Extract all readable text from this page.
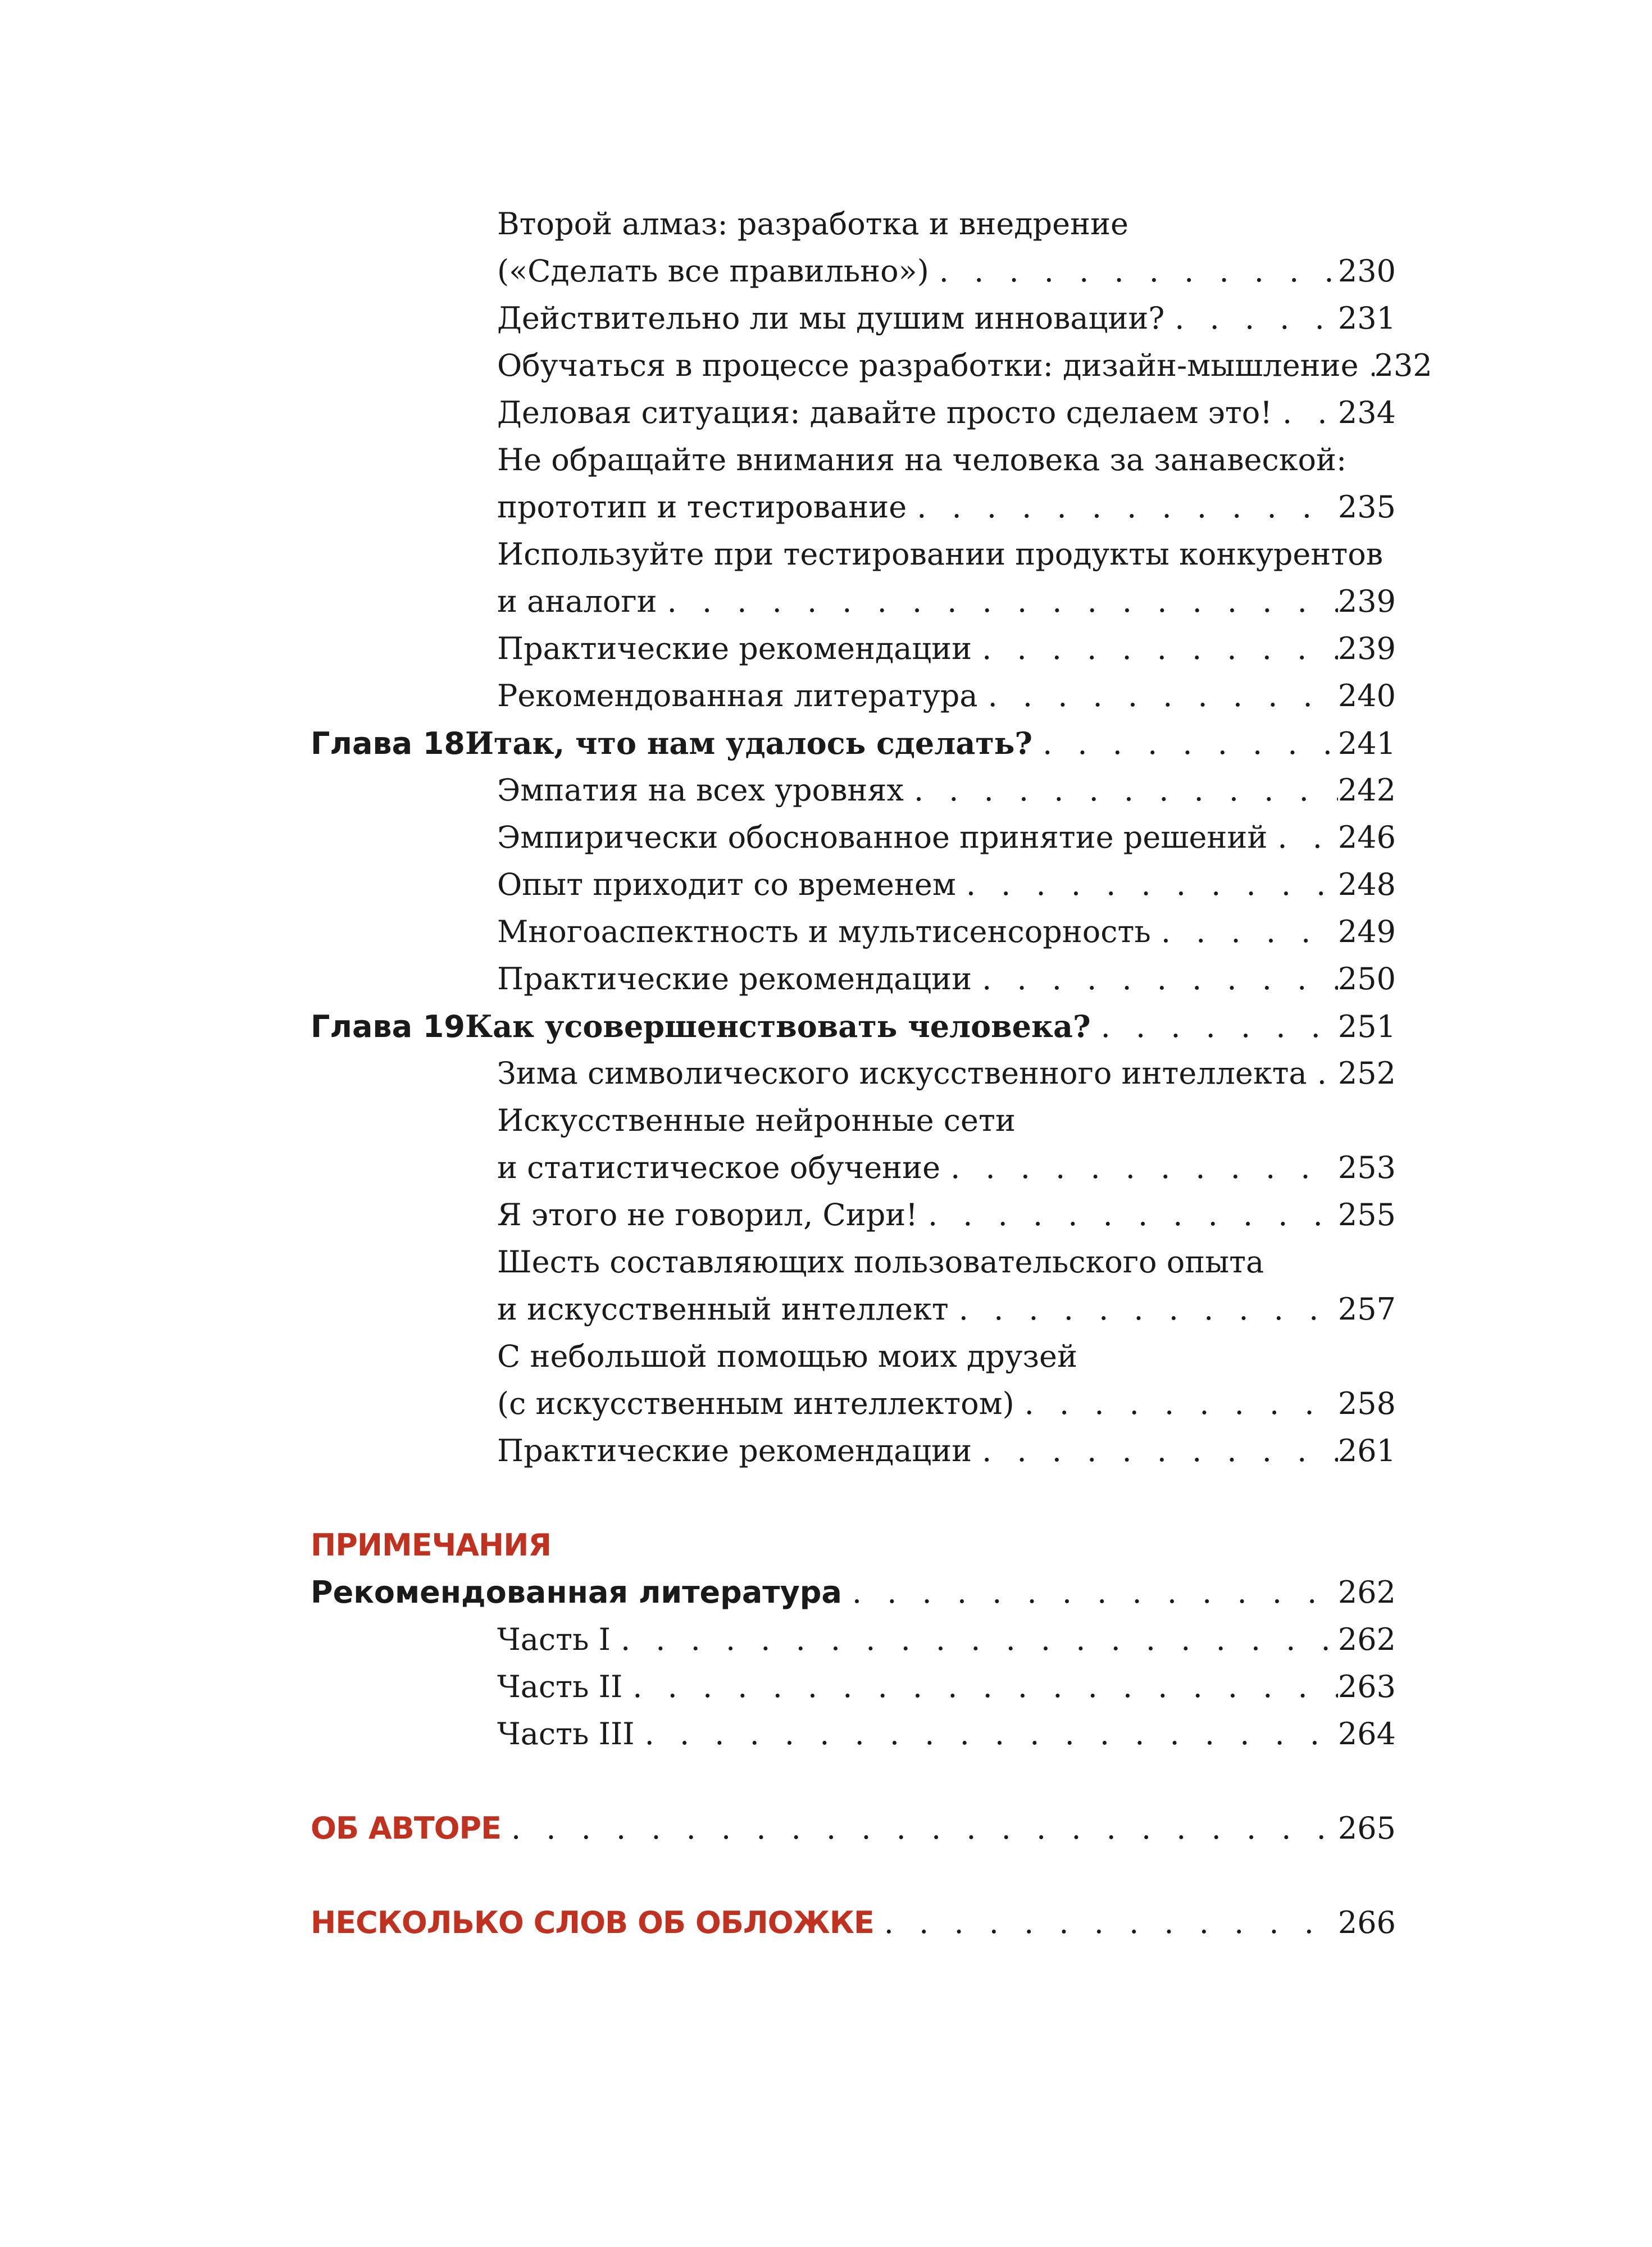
Второй алмаз: разработка и внедрение
(«Сделать все правильно») . . .	230
Действительно ли мы душим инновации? . . .	231
Обучаться в процессе разработки: дизайн-мышление . . . 232
Деловая ситуация: давайте просто сделаем это! . . . 234
Не обращайте внимания на человека за занавеской:
прототип и тестирование . . .	235
Используйте при тестировании продукты конкурентов
и аналоги . . .	239
Практические рекомендации . . .	239
Рекомендованная литература . . .	240
Глава 18 Итак, что нам удалось сделать? . . .	241
Эмпатия на всех уровнях . . .	242
Эмпирически обоснованное принятие решений . . . 246
Опыт приходит со временем . . .	248
Многоаспектность и мультисенсорность . . .	249
Практические рекомендации . . .	250
Глава 19 Как усовершенствовать человека? . . .	251
Зима символического искусственного интеллекта . . . 252
Искусственные нейронные сети
и статистическое обучение . . .	253
Я этого не говорил, Сири! . . .	255
Шесть составляющих пользовательского опыта
и искусственный интеллект . . .	257
С небольшой помощью моих друзей
(с искусственным интеллектом) . . .	258
Практические рекомендации . . .	261
ПРИМЕЧАНИЯ
Рекомендованная литература . . .	262
Часть I . . .	262
Часть II . . .	263
Часть III . . .	264
ОБ АВТОРЕ . . .	265
НЕСКОЛЬКО СЛОВ ОБ ОБЛОЖКЕ . . .	266
